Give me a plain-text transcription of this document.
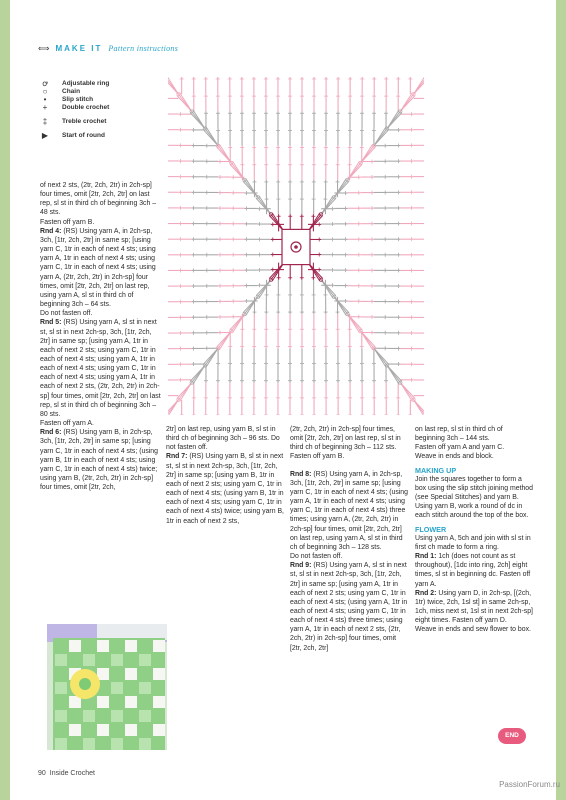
⟺ MAKE IT Pattern instructions
ꝍ	Adjustable ring
○	Chain
•	Slip stitch
+	Double crochet
‡	Treble crochet
▶ Start of round

of next 2 sts, (2tr, 2ch, 2tr) in 2ch-sp] four times, omit [2tr, 2ch, 2tr] on last rep, sl st in third ch of beginning 3ch – 48 sts.

Fasten off yarn B.

Rnd 4: (RS) Using yarn A, in 2ch-sp, 3ch, [1tr, 2ch, 2tr] in same sp; [using yarn C, 1tr in each of next 4 sts; using yarn A, 1tr in each of next 4 sts; using yarn C, 1tr in each of next 4 sts; using yarn A, (2tr, 2ch, 2tr) in 2ch-sp] four times, omit [2tr, 2ch, 2tr] on last rep, using yarn A, sl st in third ch of beginning 3ch – 64 sts.

Do not fasten off.

Rnd 5: (RS) Using yarn A, sl st in next st, sl st in next 2ch-sp, 3ch, [1tr, 2ch, 2tr] in same sp; [using yarn A, 1tr in each of next 2 sts; using yarn C, 1tr in each of next 4 sts; using yarn A, 1tr in each of next 4 sts; using yarn C, 1tr in each of next 4 sts; using yarn A, 1tr in each of next 2 sts, (2tr, 2ch, 2tr) in 2ch-sp] four times, omit [2tr, 2ch, 2tr] on last rep, sl st in third ch of beginning 3ch – 80 sts.

Fasten off yarn A.

Rnd 6: (RS) Using yarn B, in 2ch-sp, 3ch, [1tr, 2ch, 2tr] in same sp; [using yarn C, 1tr in each of next 4 sts; (using yarn B, 1tr in each of next 4 sts; using yarn C, 1tr in each of next 4 sts) twice; using yarn B, (2tr, 2ch, 2tr) in 2ch-sp] four times, omit [2tr, 2ch,

2tr] on last rep, using yarn B, sl st in third ch of beginning 3ch – 96 sts. Do not fasten off.

Rnd 7: (RS) Using yarn B, sl st in next st, sl st in next 2ch-sp, 3ch, [1tr, 2ch, 2tr] in same sp; [using yarn B, 1tr in each of next 2 sts; using yarn C, 1tr in each of next 4 sts; (using yarn B, 1tr in each of next 4 sts; using yarn C, 1tr in each of next 4 sts) twice; using yarn B, 1tr in each of next 2 sts,

(2tr, 2ch, 2tr) in 2ch-sp] four times, omit [2tr, 2ch, 2tr] on last rep, sl st in third ch of beginning 3ch – 112 sts.

Fasten off yarn B.

Rnd 8: (RS) Using yarn A, in 2ch-sp, 3ch, [1tr, 2ch, 2tr] in same sp; [using yarn C, 1tr in each of next 4 sts; (using yarn A, 1tr in each of next 4 sts; using yarn C, 1tr in each of next 4 sts) three times; using yarn A, (2tr, 2ch, 2tr) in 2ch-sp] four times, omit [2tr, 2ch, 2tr] on last rep, using yarn A, sl st in third ch of beginning 3ch – 128 sts.

Do not fasten off.

Rnd 9: (RS) Using yarn A, sl st in next st, sl st in next 2ch-sp, 3ch, [1tr, 2ch, 2tr] in same sp; [using yarn A, 1tr in each of next 2 sts; using yarn C, 1tr in each of next 4 sts; (using yarn A, 1tr in each of next 4 sts; using yarn C, 1tr in each of next 4 sts) three times; using yarn A, 1tr in each of next 2 sts, (2tr, 2ch, 2tr) in 2ch-sp] four times, omit [2tr, 2ch, 2tr]

on last rep, sl st in third ch of beginning 3ch – 144 sts.

Fasten off yarn A and yarn C.

Weave in ends and block.

MAKING UP

Join the squares together to form a box using the slip stitch joining method (see Special Stitches) and yarn B.

Using yarn B, work a round of dc in each stitch around the top of the box.

FLOWER

Using yarn A, 5ch and join with sl st in first ch made to form a ring.

Rnd 1: 1ch (does not count as st throughout), [1dc into ring, 2ch] eight times, sl st in beginning dc. Fasten off yarn A.

Rnd 2: Using yarn D, in 2ch-sp, [(2ch, 1tr) twice, 2ch, 1sl st] in same 2ch-sp, 1ch, miss next st, 1sl st in next 2ch-sp] eight times. Fasten off yarn D.

Weave in ends and sew flower to box.

END
90 Inside Crochet
PassionForum.ru
